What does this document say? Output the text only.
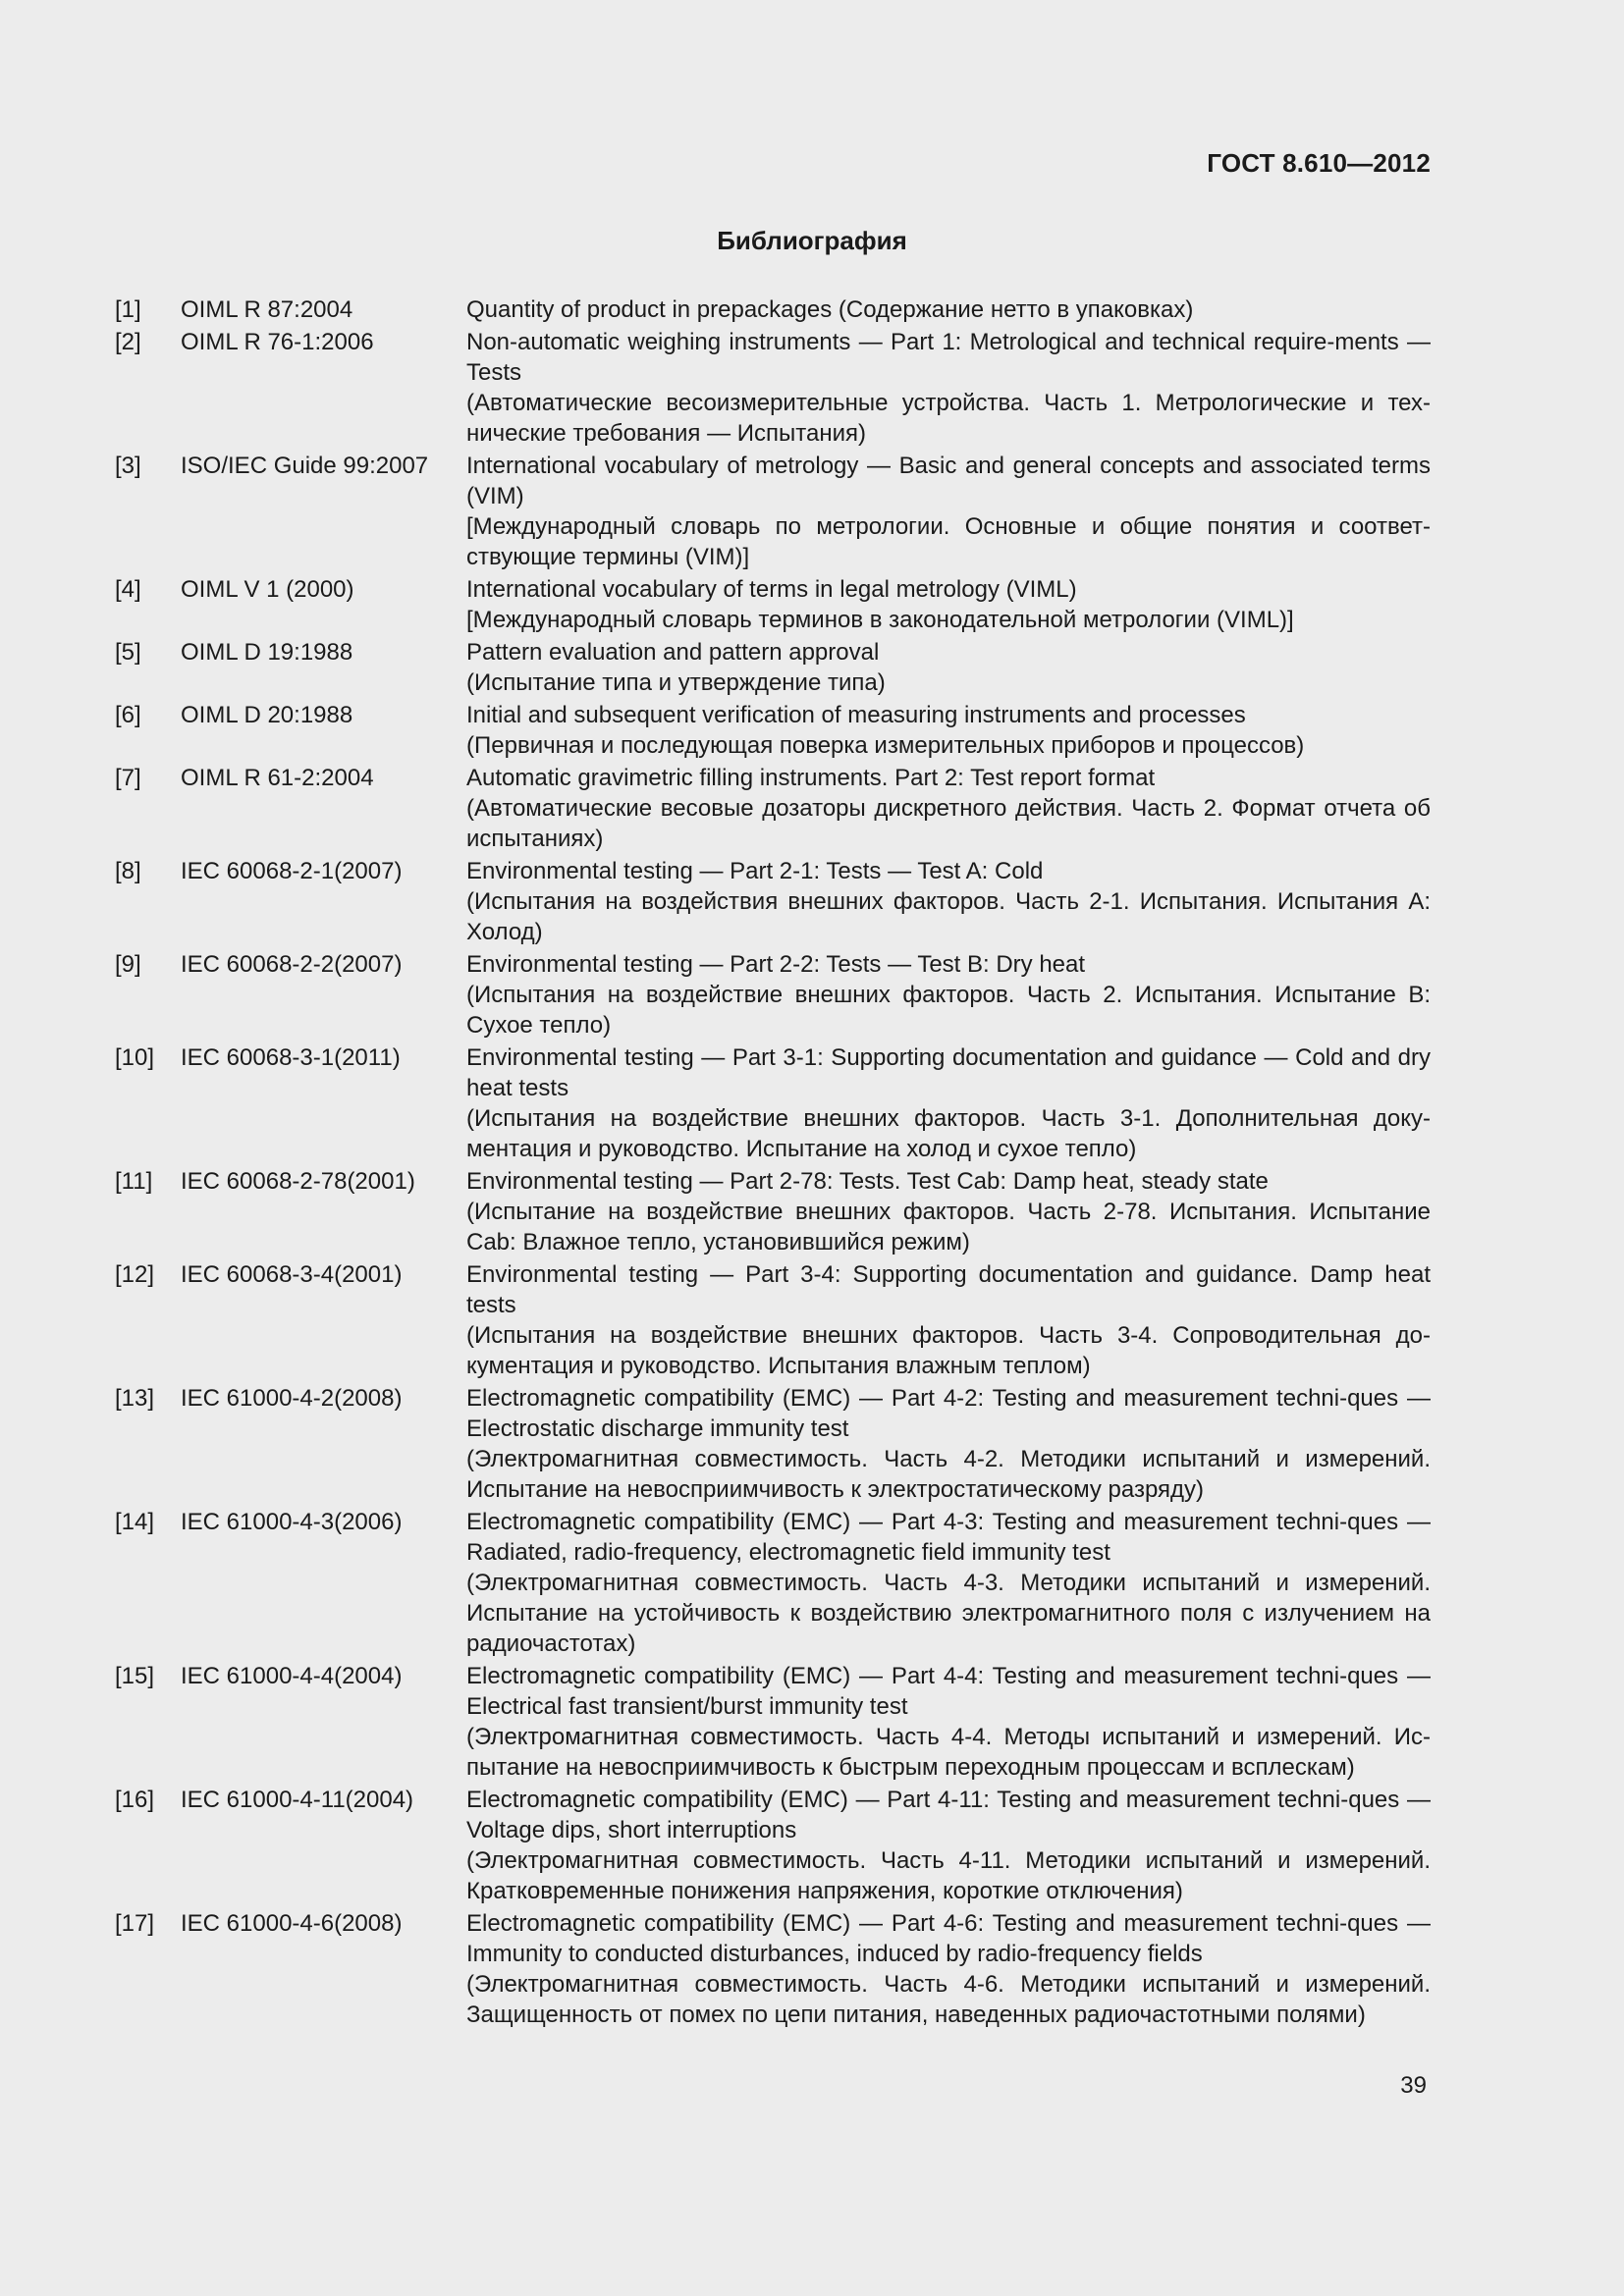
ГОСТ 8.610—2012
Библиография
[1]	OIML R 87:2004	Quantity of product in prepackages (Содержание нетто в упаковках)

[2]	OIML R 76-1:2006	Non-automatic weighing instruments — Part 1: Metrological and technical require-ments — Tests

(Автоматические весоизмерительные устройства. Часть 1. Метрологические и тех-нические требования — Испытания)

[3]	ISO/IEC Guide 99:2007	International vocabulary of metrology — Basic and general concepts and associated terms (VIM)

[Международный словарь по метрологии. Основные и общие понятия и соответ-ствующие термины (VIM)]

[4]	OIML V 1 (2000)	International vocabulary of terms in legal metrology (VIML)

[Международный словарь терминов в законодательной метрологии (VIML)]

[5]	OIML D 19:1988	Pattern evaluation and pattern approval

(Испытание типа и утверждение типа)

[6]	OIML D 20:1988	Initial and subsequent verification of measuring instruments and processes

(Первичная и последующая поверка измерительных приборов и процессов)

[7]	OIML R 61-2:2004	Automatic gravimetric filling instruments. Part 2: Test report format

(Автоматические весовые дозаторы дискретного действия. Часть 2. Формат отчета об испытаниях)

[8]	IEC 60068-2-1(2007)	Environmental testing — Part 2-1: Tests — Test A: Cold

(Испытания на воздействия внешних факторов. Часть 2-1. Испытания. Испытания A: Холод)

[9]	IEC 60068-2-2(2007)	Environmental testing — Part 2-2: Tests — Test B: Dry heat

(Испытания на воздействие внешних факторов. Часть 2. Испытания. Испытание B: Сухое тепло)

[10]	IEC 60068-3-1(2011)	Environmental testing — Part 3-1: Supporting documentation and guidance — Cold and dry heat tests

(Испытания на воздействие внешних факторов. Часть 3-1. Дополнительная доку-ментация и руководство. Испытание на холод и сухое тепло)

[11]	IEC 60068-2-78(2001)	Environmental testing — Part 2-78: Tests. Test Cab: Damp heat, steady state

(Испытание на воздействие внешних факторов. Часть 2-78. Испытания. Испытание Cab: Влажное тепло, установившийся режим)

[12]	IEC 60068-3-4(2001)	Environmental testing — Part 3-4: Supporting documentation and guidance. Damp heat tests

(Испытания на воздействие внешних факторов. Часть 3-4. Сопроводительная до-кументация и руководство. Испытания влажным теплом)

[13]	IEC 61000-4-2(2008)	Electromagnetic compatibility (EMC) — Part 4-2: Testing and measurement techni-ques — Electrostatic discharge immunity test

(Электромагнитная совместимость. Часть 4-2. Методики испытаний и измерений. Испытание на невосприимчивость к электростатическому разряду)

[14]	IEC 61000-4-3(2006)	Electromagnetic compatibility (EMC) — Part 4-3: Testing and measurement techni-ques — Radiated, radio-frequency, electromagnetic field immunity test

(Электромагнитная совместимость. Часть 4-3. Методики испытаний и измерений. Испытание на устойчивость к воздействию электромагнитного поля с излучением на радиочастотах)

[15]	IEC 61000-4-4(2004)	Electromagnetic compatibility (EMC) — Part 4-4: Testing and measurement techni-ques — Electrical fast transient/burst immunity test

(Электромагнитная совместимость. Часть 4-4. Методы испытаний и измерений. Ис-пытание на невосприимчивость к быстрым переходным процессам и всплескам)

[16]	IEC 61000-4-11(2004)	Electromagnetic compatibility (EMC) — Part 4-11: Testing and measurement techni-ques — Voltage dips, short interruptions

(Электромагнитная совместимость. Часть 4-11. Методики испытаний и измерений. Кратковременные понижения напряжения, короткие отключения)

[17]	IEC 61000-4-6(2008)	Electromagnetic compatibility (EMC) — Part 4-6: Testing and measurement techni-ques — Immunity to conducted disturbances, induced by radio-frequency fields

(Электромагнитная совместимость. Часть 4-6. Методики испытаний и измерений. Защищенность от помех по цепи питания, наведенных радиочастотными полями)

39
